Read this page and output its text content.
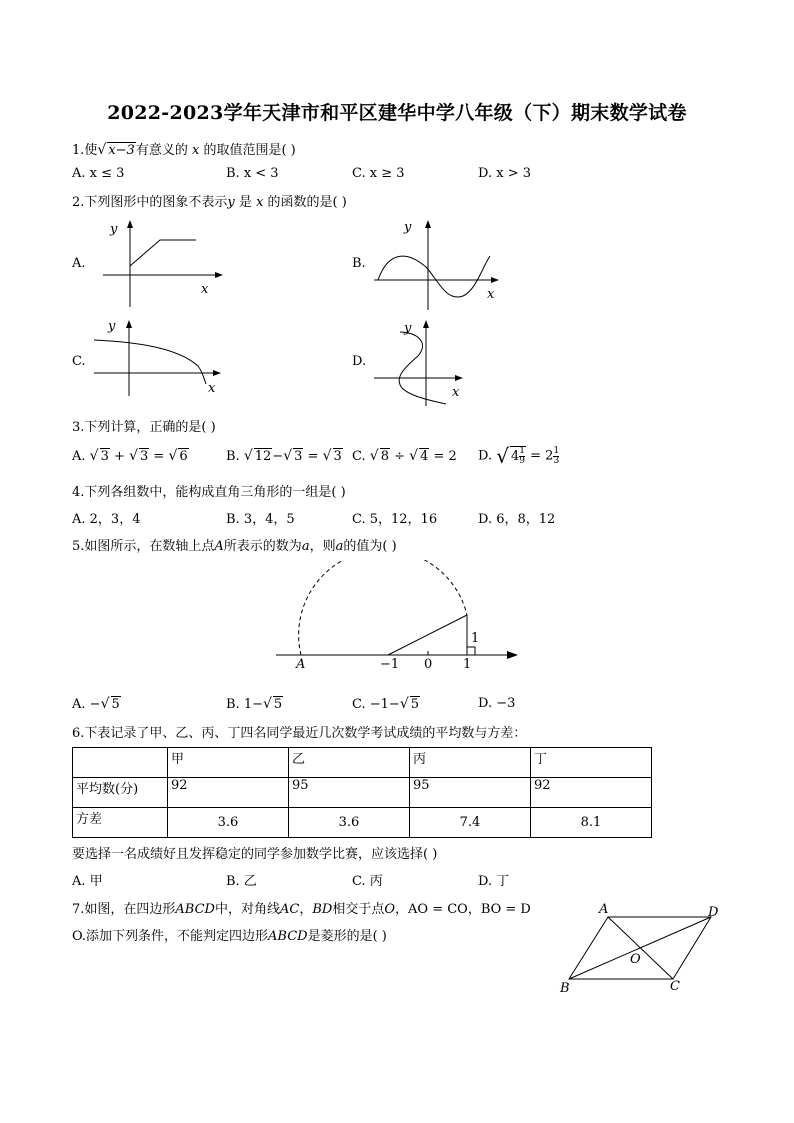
2022-2023学年天津市和平区建华中学八年级（下）期末数学试卷
1.使√ x−3有意义的 x 的取值范围是( )
A. x ≤ 3	B. x < 3	C. x ≥ 3	D. x > 3
2.下列图形中的图象不表示y 是 x 的函数的是( )
A.
y
x
B.
y
x
C.
y
x
D.
y
x
3.下列计算，正确的是( )
A. √ 3 + √ 3 = √ 6	B. √ 12−√ 3 = √ 3 C. √ 8 ÷ √ 4 = 2 D. √ $4 \frac{1}{9} = 2 \frac{1}{3}$
4.下列各组数中，能构成直角三角形的一组是( )
A. 2，3，4	B. 3，4，5	C. 5，12，16	D. 6，8，12
5.如图所示，在数轴上点A所表示的数为a，则a的值为( )
A	−1 0 1
1
A. −√ 5	B. 1−√ 5	C. −1−√ 5	D. −3
6.下表记录了甲、乙、丙、丁四名同学最近几次数学考试成绩的平均数与方差：
	甲	乙	丙	丁
平均数(分)	92	95	95	92
方差	3.6	3.6	7.4	8.1
要选择一名成绩好且发挥稳定的同学参加数学比赛，应该选择( )
A. 甲	B. 乙	C. 丙	D. 丁
7.如图，在四边形ABCD中，对角线AC，BD相交于点O，AO = CO，BO = D
O.添加下列条件，不能判定四边形ABCD是菱形的是( )
A	D
B	C
O
